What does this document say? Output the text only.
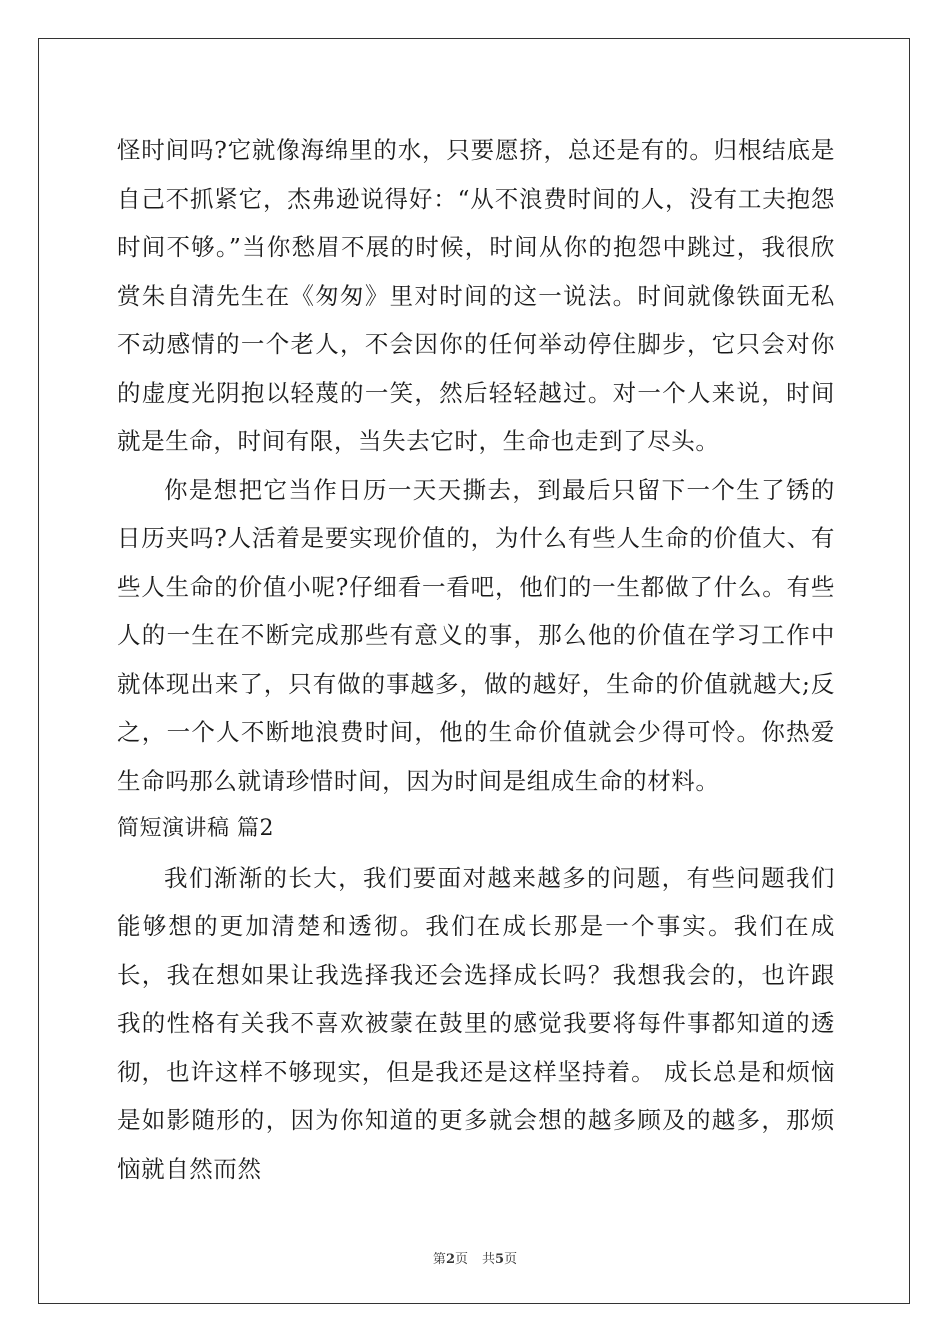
怪时间吗?它就像海绵里的水，只要愿挤，总还是有的。归根结底是自己不抓紧它，杰弗逊说得好：“从不浪费时间的人，没有工夫抱怨时间不够。”当你愁眉不展的时候，时间从你的抱怨中跳过，我很欣赏朱自清先生在《匆匆》里对时间的这一说法。时间就像铁面无私不动感情的一个老人，不会因你的任何举动停住脚步，它只会对你的虚度光阴抱以轻蔑的一笑，然后轻轻越过。对一个人来说，时间就是生命，时间有限，当失去它时，生命也走到了尽头。

你是想把它当作日历一天天撕去，到最后只留下一个生了锈的日历夹吗?人活着是要实现价值的，为什么有些人生命的价值大、有些人生命的价值小呢?仔细看一看吧，他们的一生都做了什么。有些人的一生在不断完成那些有意义的事，那么他的价值在学习工作中就体现出来了，只有做的事越多，做的越好，生命的价值就越大;反之，一个人不断地浪费时间，他的生命价值就会少得可怜。你热爱生命吗那么就请珍惜时间，因为时间是组成生命的材料。

简短演讲稿 篇2

我们渐渐的长大，我们要面对越来越多的问题，有些问题我们能够想的更加清楚和透彻。我们在成长那是一个事实。我们在成长，我在想如果让我选择我还会选择成长吗？我想我会的，也许跟我的性格有关我不喜欢被蒙在鼓里的感觉我要将每件事都知道的透彻，也许这样不够现实，但是我还是这样坚持着。 成长总是和烦恼是如影随形的，因为你知道的更多就会想的越多顾及的越多，那烦恼就自然而然

第2页 共5页
